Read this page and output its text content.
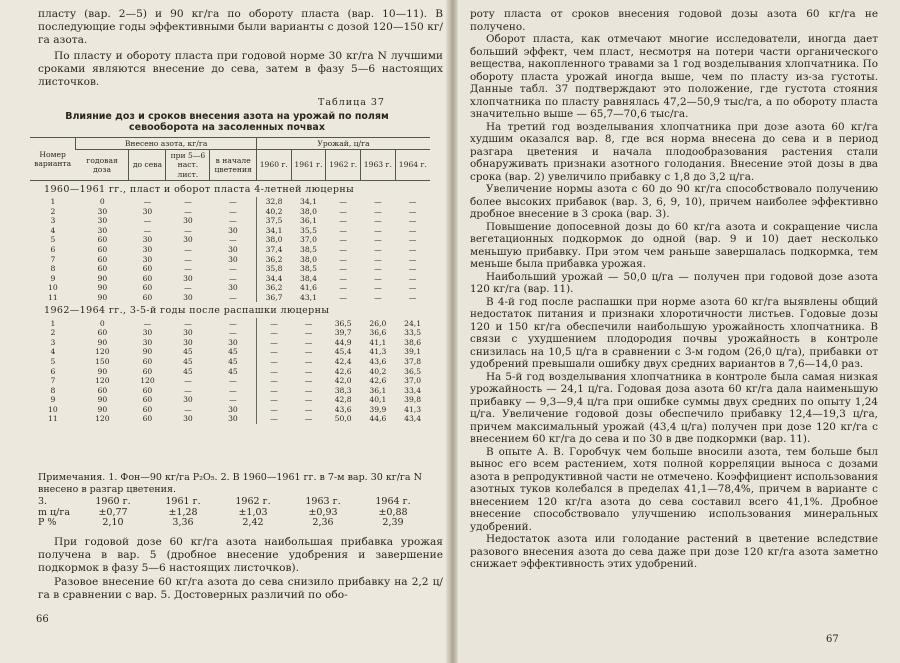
пласту (вар. 2—5) и 90 кг/га по обороту пласта (вар. 10—11). В последующие годы эффективными были варианты с дозой 120—150 кг/га азота.

По пласту и обороту пласта при годовой норме 30 кг/га N лучшими сроками являются внесение до сева, затем в фазу 5—6 настоящих листочков.

Таблица 37
Влияние доз и сроков внесения азота на урожай по полям севооборота на засоленных почвах
Номер варианта	Внесено азота, кг/га				Урожай, ц/га				
	годовая доза	до сева	при 5—6 наст. лист.	в начале цветения	1960 г.	1961 г.	1962 г.	1963 г.	1964 г.
1960—1961 гг., пласт и оборот пласта 4-летней люцерны									
1	0	—	—	—	32,8	34,1	—	—	—
2	30	30	—	—	40,2	38,0	—	—	—
3	30	—	30	—	37,5	36,1	—	—	—
4	30	—	—	30	34,1	35,5	—	—	—
5	60	30	30	—	38,0	37,0	—	—	—
6	60	30	—	30	37,4	38,5	—	—	—
7	60	30	—	30	36,2	38,0	—	—	—
8	60	60	—	—	35,8	38,5	—	—	—
9	90	60	30	—	34,4	38,4	—	—	—
10	90	60	—	30	36,2	41,6	—	—	—
11	90	60	30	—	36,7	43,1	—	—	—
1962—1964 гг., 3-5-й годы после распашки люцерны									
1	0	—	—	—	—	—	36,5	26,0	24,1
2	60	30	30	—	—	—	39,7	36,6	33,5
3	90	30	30	30	—	—	44,9	41,1	38,6
4	120	90	45	45	—	—	45,4	41,3	39,1
5	150	60	45	45	—	—	42,4	43,6	37,8
6	90	60	45	45	—	—	42,6	40,2	36,5
7	120	120	—	—	—	—	42,0	42,6	37,0
8	60	60	—	—	—	—	38,3	36,1	33,4
9	90	60	30	—	—	—	42,8	40,1	39,8
10	90	60	—	30	—	—	43,6	39,9	41,3
11	120	60	30	30	—	—	50,0	44,6	43,4
Примечания. 1. Фон—90 кг/га P₂O₅. 2. В 1960—1961 гг. в 7-м вар. 30 кг/га N внесено в разгар цветения.
3.	1960 г.	1961 г.	1962 г.	1963 г.	1964 г.
m ц/га	±0,77	±1,28	±1,03	±0,93	±0,88
P %	2,10	3,36	2,42	2,36	2,39

При годовой дозе 60 кг/га азота наибольшая прибавка урожая получена в вар. 5 (дробное внесение удобрения и завершение подкормок в фазу 5—6 настоящих листочков).

Разовое внесение 60 кг/га азота до сева снизило прибавку на 2,2 ц/га в сравнении с вар. 5. Достоверных различий по обо-

66

роту пласта от сроков внесения годовой дозы азота 60 кг/га не получено.

Оборот пласта, как отмечают многие исследователи, иногда дает больший эффект, чем пласт, несмотря на потери части органического вещества, накопленного травами за 1 год возделывания хлопчатника. По обороту пласта урожай иногда выше, чем по пласту из-за густоты. Данные табл. 37 подтверждают это положение, где густота стояния хлопчатника по пласту равнялась 47,2—50,9 тыс/га, а по обороту пласта значительно выше — 65,7—70,6 тыс/га.

На третий год возделывания хлопчатника при дозе азота 60 кг/га худшим оказался вар. 8, где вся норма внесена до сева и в период разгара цветения и начала плодообразования растения стали обнаруживать признаки азотного голодания. Внесение этой дозы в два срока (вар. 2) увеличило прибавку с 1,8 до 3,2 ц/га.

Увеличение нормы азота с 60 до 90 кг/га способствовало получению более высоких прибавок (вар. 3, 6, 9, 10), причем наиболее эффективно дробное внесение в 3 срока (вар. 3).

Повышение допосевной дозы до 60 кг/га азота и сокращение числа вегетационных подкормок до одной (вар. 9 и 10) дает несколько меньшую прибавку. При этом чем раньше завершалась подкормка, тем меньше была прибавка урожая.

Наибольший урожай — 50,0 ц/га — получен при годовой дозе азота 120 кг/га (вар. 11).

В 4-й год после распашки при норме азота 60 кг/га выявлены общий недостаток питания и признаки хлоротичности листьев. Годовые дозы 120 и 150 кг/га обеспечили наибольшую урожайность хлопчатника. В связи с ухудшением плодородия почвы урожайность в контроле снизилась на 10,5 ц/га в сравнении с 3-м годом (26,0 ц/га), прибавки от удобрений превышали ошибку двух средних вариантов в 7,6—14,0 раз.

На 5-й год возделывания хлопчатника в контроле была самая низкая урожайность — 24,1 ц/га. Годовая доза азота 60 кг/га дала наименьшую прибавку — 9,3—9,4 ц/га при ошибке суммы двух средних по опыту 1,24 ц/га. Увеличение годовой дозы обеспечило прибавку 12,4—19,3 ц/га, причем максимальный урожай (43,4 ц/га) получен при дозе 120 кг/га с внесением 60 кг/га до сева и по 30 в две подкормки (вар. 11).

В опыте А. В. Горобчук чем больше вносили азота, тем больше был вынос его всем растением, хотя полной корреляции выноса с дозами азота в репродуктивной части не отмечено. Коэффициент использования азотных туков колебался в пределах 41,1—78,4%, причем в варианте с внесением 120 кг/га азота до сева составил всего 41,1%. Дробное внесение способствовало улучшению использования минеральных удобрений.

Недостаток азота или голодание растений в цветение вследствие разового внесения азота до сева даже при дозе 120 кг/га азота заметно снижает эффективность этих удобрений.

67
